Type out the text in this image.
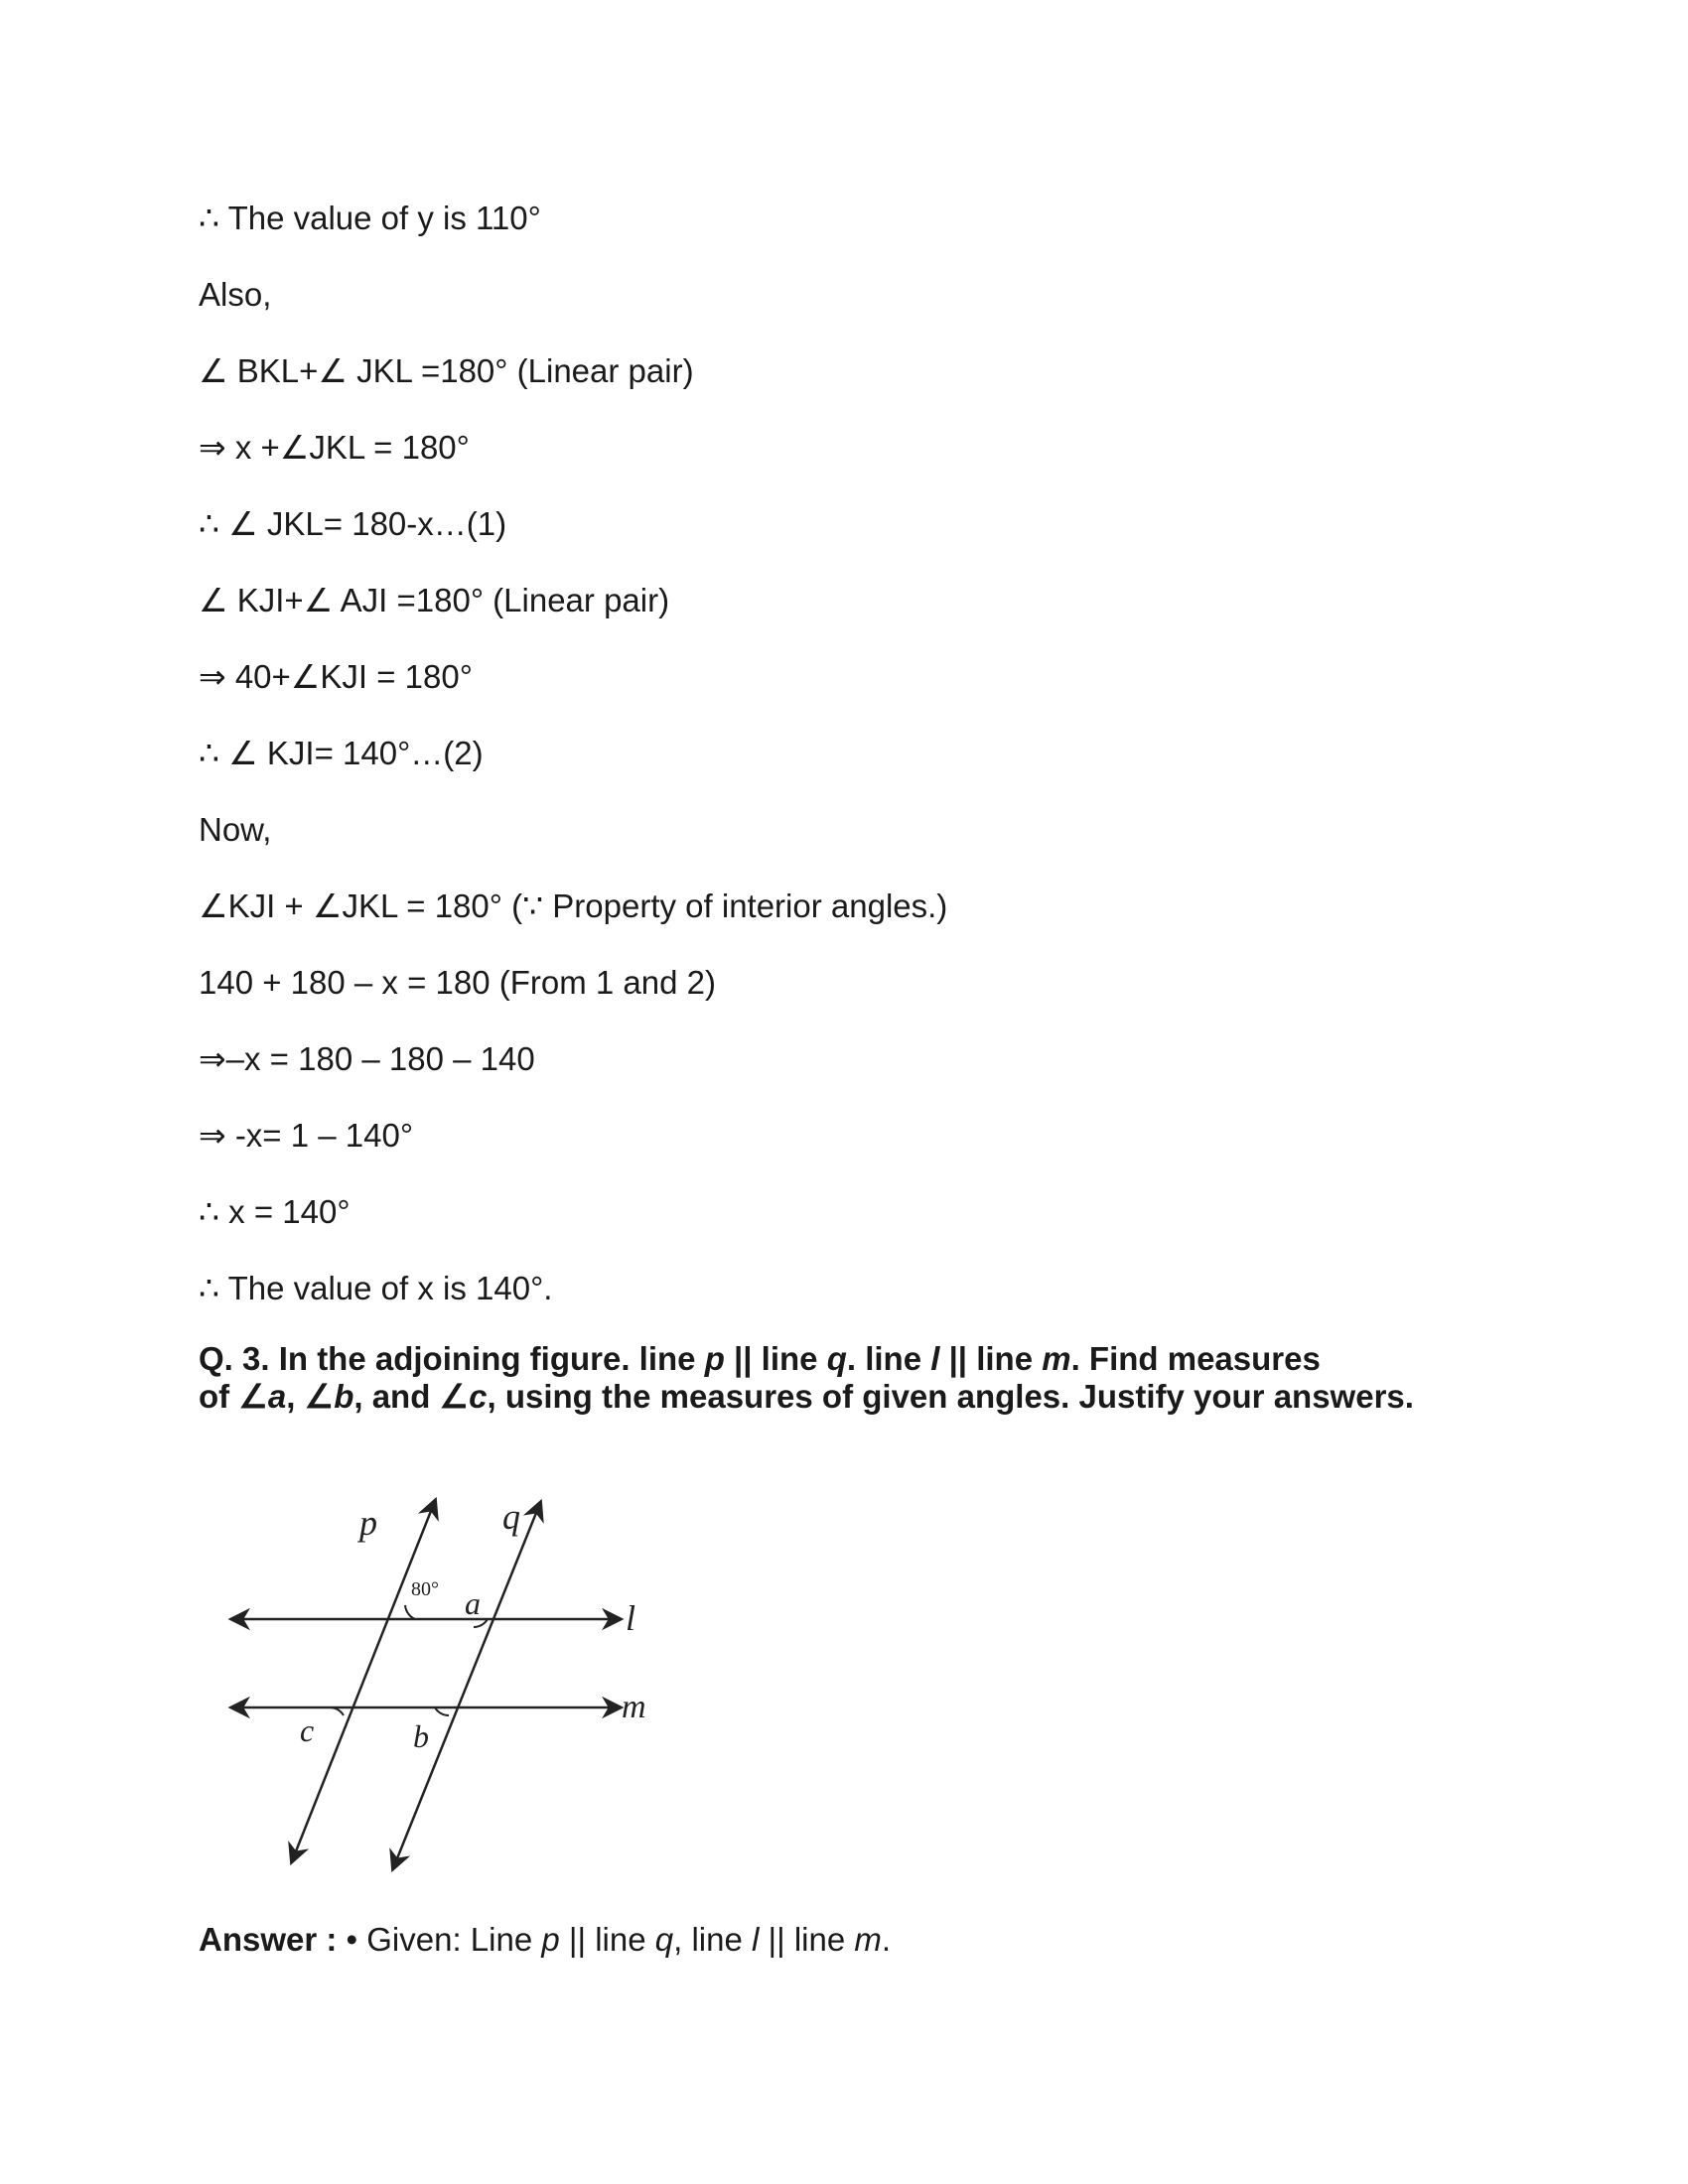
∴ The value of y is 110°
Also,
∠ BKL+∠ JKL =180° (Linear pair)
⇒ x +∠JKL = 180°
∴ ∠ JKL= 180-x…(1)
∠ KJI+∠ AJI =180° (Linear pair)
⇒ 40+∠KJI = 180°
∴ ∠ KJI= 140°…(2)
Now,
∠KJI + ∠JKL = 180° (∵ Property of interior angles.)
140 + 180 – x = 180 (From 1 and 2)
⇒–x = 180 – 180 – 140
⇒ -x= 1 – 140°
∴ x = 140°
∴ The value of x is 140°.
Q. 3. In the adjoining figure. line p || line q. line l || line m. Find measures
of ∠a, ∠b, and ∠c, using the measures of given angles. Justify your answers.
p	q
l
m
a
b
c
80°
Answer : • Given: Line p || line q, line l || line m.
